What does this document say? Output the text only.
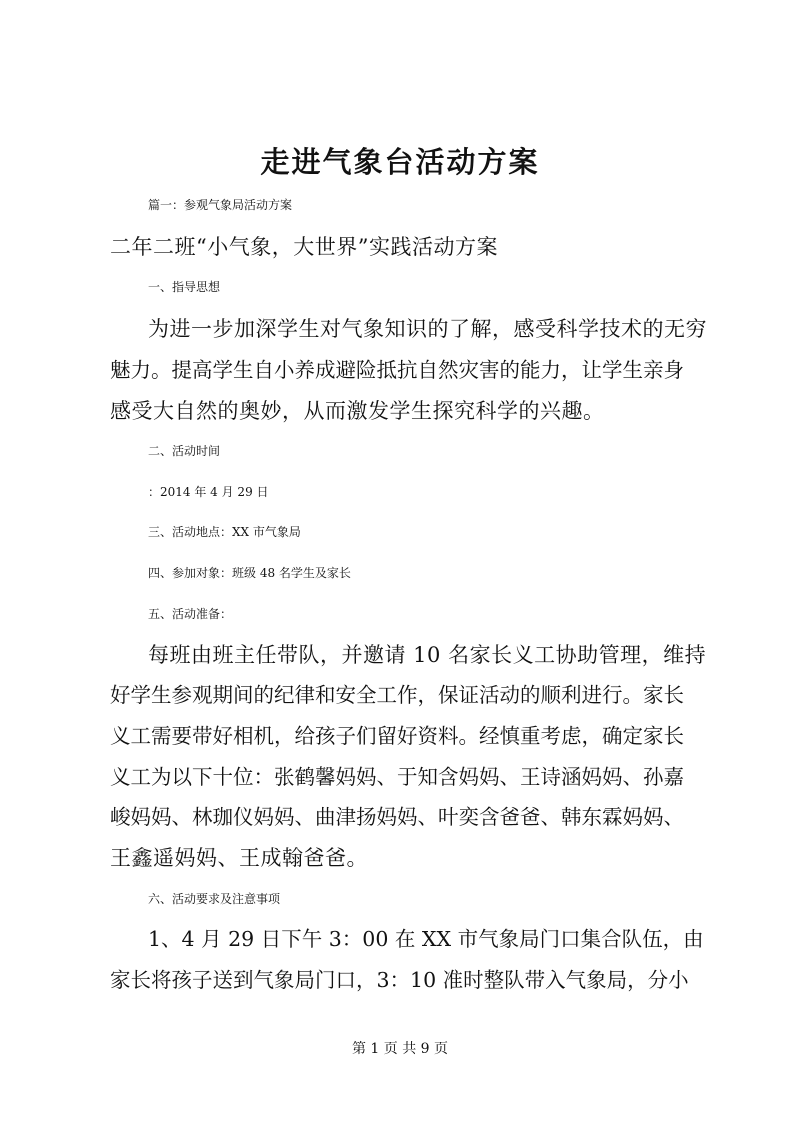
走进气象台活动方案
篇一：参观气象局活动方案
二年二班“小气象，大世界”实践活动方案
一、指导思想
为进一步加深学生对气象知识的了解，感受科学技术的无穷
魅力。提高学生自小养成避险抵抗自然灾害的能力，让学生亲身
感受大自然的奥妙，从而激发学生探究科学的兴趣。
二、活动时间
：2014 年 4 月 29 日
三、活动地点：XX 市气象局
四、参加对象：班级 48 名学生及家长
五、活动准备：
每班由班主任带队，并邀请 10 名家长义工协助管理，维持
好学生参观期间的纪律和安全工作，保证活动的顺利进行。家长
义工需要带好相机，给孩子们留好资料。经慎重考虑，确定家长
义工为以下十位：张鹤馨妈妈、于知含妈妈、王诗涵妈妈、孙嘉
峻妈妈、林珈仪妈妈、曲津扬妈妈、叶奕含爸爸、韩东霖妈妈、
王鑫遥妈妈、王成翰爸爸。
六、活动要求及注意事项
1、4 月 29 日下午 3：00 在 XX 市气象局门口集合队伍，由
家长将孩子送到气象局门口，3：10 准时整队带入气象局，分小
第 1 页 共 9 页
